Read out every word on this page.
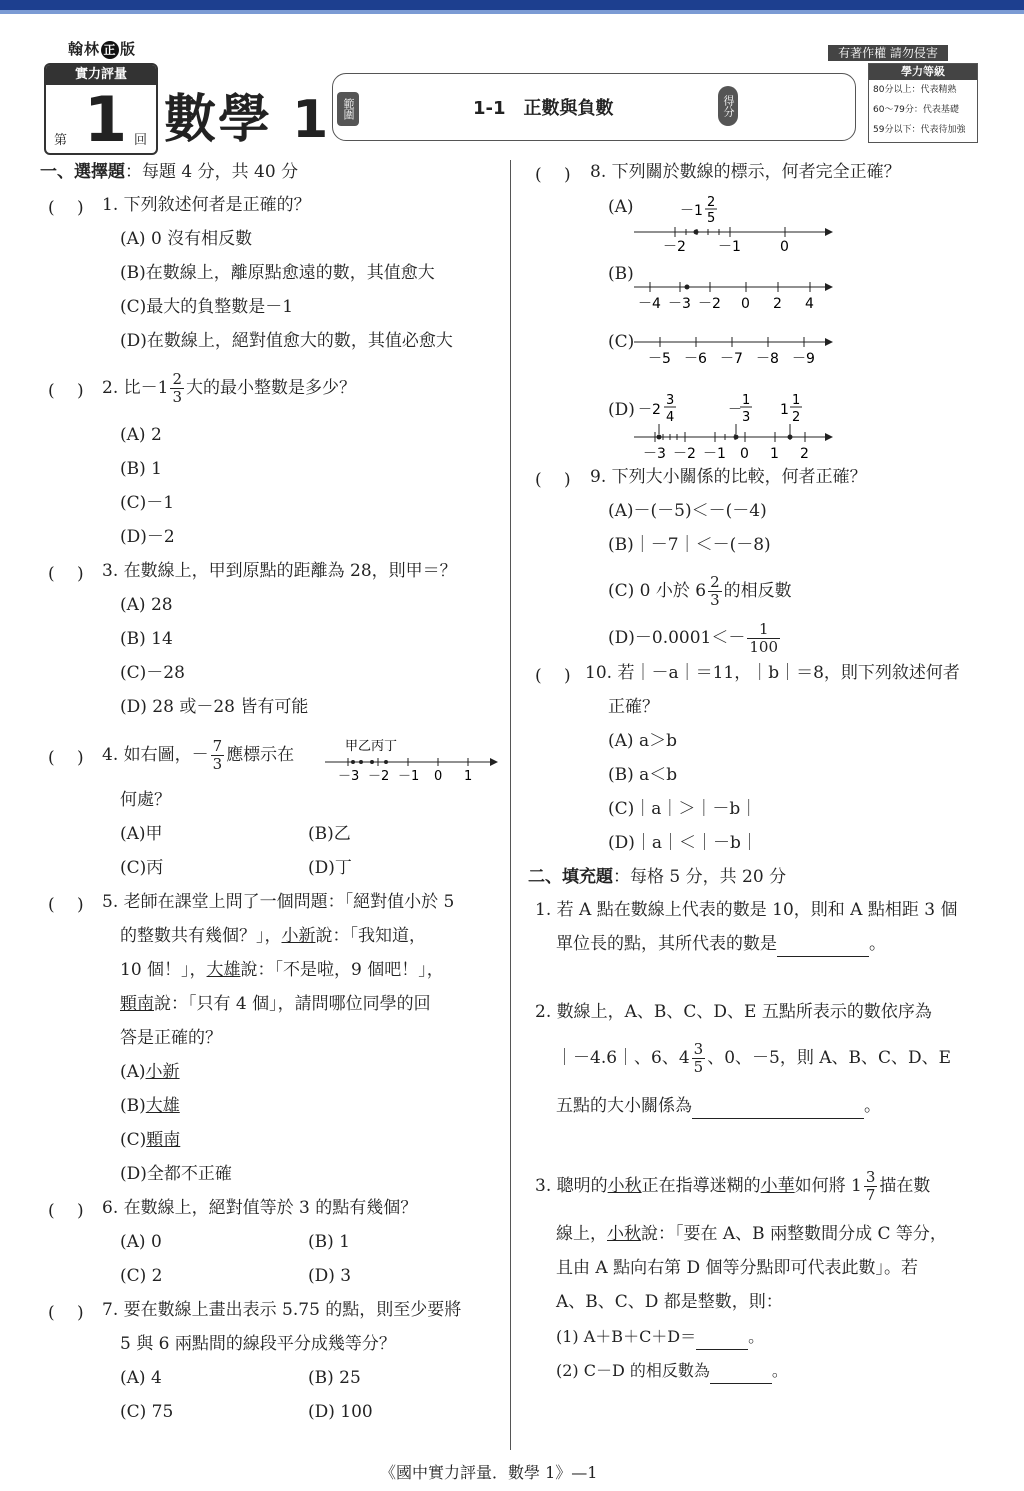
翰林 正 版	有著作權 請勿侵害
實力評量
第 1 回 數學 1	範圍	1-1　正數與負數	得分
學力等級
80分以上：代表精熟
60～79分：代表基礎
59分以下：代表待加強
一、選擇題：每題 4 分，共 40 分
(　 ) 1. 下列敘述何者是正確的？
(A) 0 沒有相反數
(B)在數線上，離原點愈遠的數，其值愈大
(C)最大的負整數是－1
(D)在數線上，絕對值愈大的數，其值必愈大
(　 ) 2. 比$-1 \frac{2}{3}$ 大的最小整數是多少？
(A) 2
(B) 1
(C)－1
(D)－2
(　 ) 3. 在數線上，甲到原點的距離為 28，則甲＝？
(A) 28
(B) 14
(C)－28
(D) 28 或－28 皆有可能
(　 ) 4. 如右圖，－ $\frac{7}{3}$ 應標示在	甲乙丙丁
－3 －2 －1 0 1
何處？
(A)甲	(B)乙
(C)丙	(D)丁
(　 ) 5. 老師在課堂上問了一個問題：「絕對值小於 5
的整數共有幾個？」，小新說：「我知道，
10 個！」，大雄說：「不是啦，9 個吧！」，
顆南說：「只有 4 個」，請問哪位同學的回
答是正確的？
(A)小新
(B)大雄
(C)顆南
(D)全都不正確
(　 ) 6. 在數線上，絕對值等於 3 的點有幾個？
(A) 0	(B) 1
(C) 2	(D) 3
(　 ) 7. 要在數線上畫出表示 5.75 的點，則至少要將
5 與 6 兩點間的線段平分成幾等分？
(A) 4	(B) 25
(C) 75	(D) 100
(　 ) 8. 下列關於數線的標示，何者完全正確？
(A)	－1
2
5
－2 －1	0
(B)
－4 －3 －2 0 2 4
(C)
－5 －6 －7 －8 －9
(D) －2
3
4	－
1
3 1
1
2
－3 －2 －1 0 1 2
(　 ) 9. 下列大小關係的比較，何者正確？
(A)－(－5)＜－(－4)
(B)｜－7｜＜－(－8)
(C) 0 小於 $6 \frac{2}{3}$ 的相反數
$(D)-0.0001<- \frac{1}{100}$
(　 ) 10. 若｜－a｜＝11，｜b｜＝8，則下列敘述何者
正確？
(A) a＞b
(B) a＜b
(C)｜a｜＞｜－b｜
(D)｜a｜＜｜－b｜
二、填充題：每格 5 分，共 20 分
1. 若 A 點在數線上代表的數是 10，則和 A 點相距 3 個
單位長的點，其所代表的數是	。
2. 數線上，A、B、C、D、E 五點所表示的數依序為
｜－4.6｜、6、$4 \frac{3}{5}$ 、0、－5，則 A、B、C、D、E
五點的大小關係為	。
3. 聰明的小秋正在指導迷糊的小華如何將 $1 \frac{3}{7}$ 描在數
線上，小秋說：「要在 A、B 兩整數間分成 C 等分，
且由 A 點向右第 D 個等分點即可代表此數」。若
A、B、C、D 都是整數，則：
(1) A＋B＋C＋D＝	。
(2) C－D 的相反數為	。
《國中實力評量．數學 1》—1
